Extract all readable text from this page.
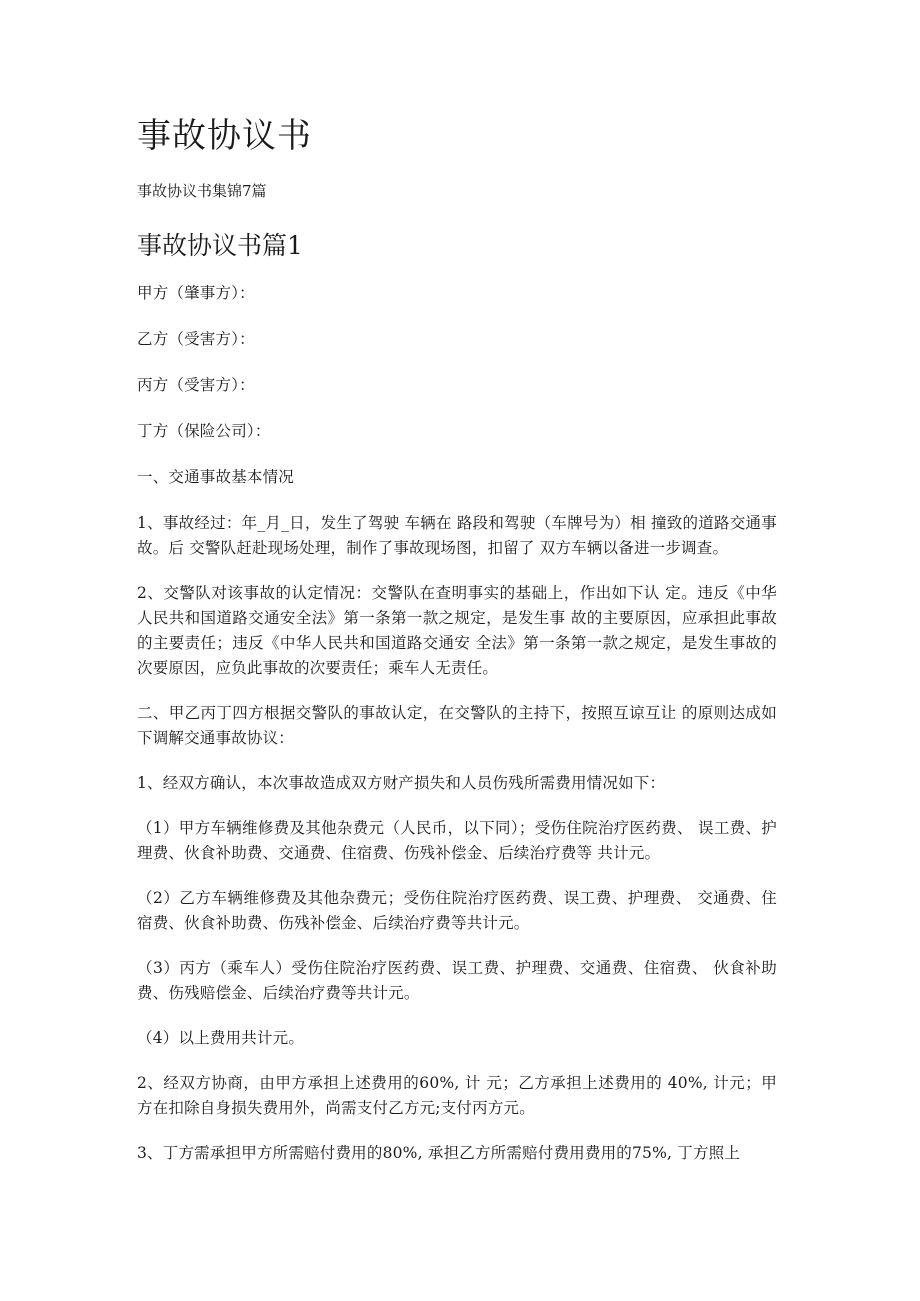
事故协议书

事故协议书集锦7篇

事故协议书篇1

甲方（肇事方）：

乙方（受害方）：

丙方（受害方）：

丁方（保险公司）：

一、交通事故基本情况

1、事故经过：年_月_日，发生了驾驶 车辆在 路段和驾驶（车牌号为）相 撞致的道路交通事故。后 交警队赶赴现场处理，制作了事故现场图，扣留了 双方车辆以备进一步调查。

2、交警队对该事故的认定情况：交警队在查明事实的基础上，作出如下认 定。违反《中华人民共和国道路交通安全法》第一条第一款之规定，是发生事 故的主要原因，应承担此事故的主要责任；违反《中华人民共和国道路交通安 全法》第一条第一款之规定，是发生事故的次要原因，应负此事故的次要责任；乘车人无责任。

二、甲乙丙丁四方根据交警队的事故认定，在交警队的主持下，按照互谅互让 的原则达成如下调解交通事故协议：

1、经双方确认，本次事故造成双方财产损失和人员伤残所需费用情况如下：

（1）甲方车辆维修费及其他杂费元（人民币，以下同）；受伤住院治疗医药费、 误工费、护理费、伙食补助费、交通费、住宿费、伤残补偿金、后续治疗费等 共计元。

（2）乙方车辆维修费及其他杂费元；受伤住院治疗医药费、误工费、护理费、 交通费、住宿费、伙食补助费、伤残补偿金、后续治疗费等共计元。

（3）丙方（乘车人）受伤住院治疗医药费、误工费、护理费、交通费、住宿费、 伙食补助费、伤残赔偿金、后续治疗费等共计元。

（4）以上费用共计元。

2、经双方协商，由甲方承担上述费用的60%, 计 元；乙方承担上述费用的 40%, 计元；甲方在扣除自身损失费用外，尚需支付乙方元;支付丙方元。

3、丁方需承担甲方所需赔付费用的80%, 承担乙方所需赔付费用费用的75%, 丁方照上
